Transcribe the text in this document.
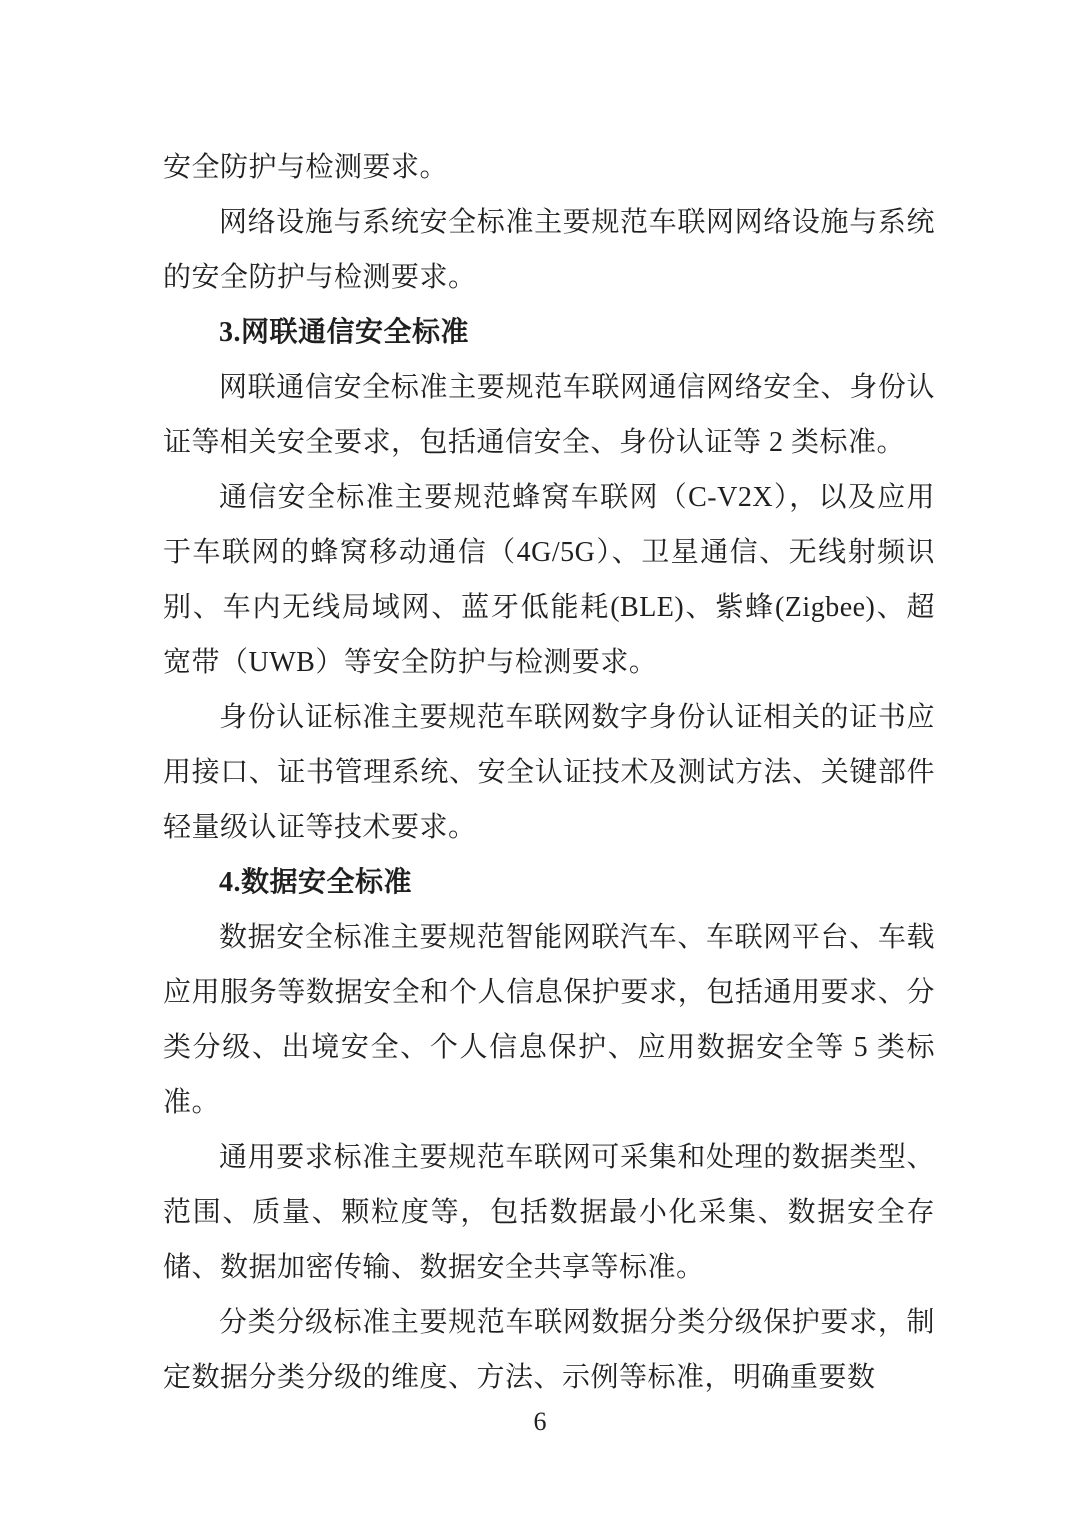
安全防护与检测要求。

网络设施与系统安全标准主要规范车联网网络设施与系统的安全防护与检测要求。

3.网联通信安全标准

网联通信安全标准主要规范车联网通信网络安全、身份认证等相关安全要求，包括通信安全、身份认证等 2 类标准。

通信安全标准主要规范蜂窝车联网（C-V2X），以及应用于车联网的蜂窝移动通信（4G/5G）、卫星通信、无线射频识别、车内无线局域网、蓝牙低能耗(BLE)、紫蜂(Zigbee)、超宽带（UWB）等安全防护与检测要求。

身份认证标准主要规范车联网数字身份认证相关的证书应用接口、证书管理系统、安全认证技术及测试方法、关键部件轻量级认证等技术要求。

4.数据安全标准

数据安全标准主要规范智能网联汽车、车联网平台、车载应用服务等数据安全和个人信息保护要求，包括通用要求、分类分级、出境安全、个人信息保护、应用数据安全等 5 类标准。

通用要求标准主要规范车联网可采集和处理的数据类型、范围、质量、颗粒度等，包括数据最小化采集、数据安全存储、数据加密传输、数据安全共享等标准。

分类分级标准主要规范车联网数据分类分级保护要求，制定数据分类分级的维度、方法、示例等标准，明确重要数

6
